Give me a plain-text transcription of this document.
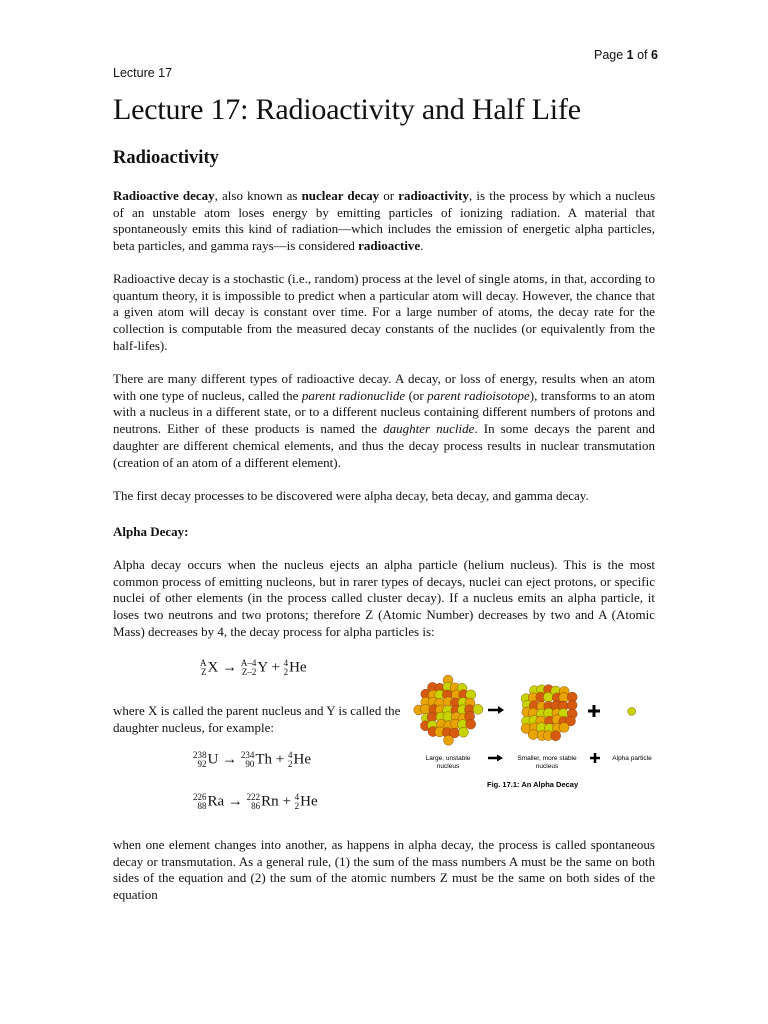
Page 1 of 6
Lecture 17
Lecture 17: Radioactivity and Half Life
Radioactivity

Radioactive decay, also known as nuclear decay or radioactivity, is the process by which a nucleus of an unstable atom loses energy by emitting particles of ionizing radiation. A material that spontaneously emits this kind of radiation—which includes the emission of energetic alpha particles, beta particles, and gamma rays—is considered radioactive.

Radioactive decay is a stochastic (i.e., random) process at the level of single atoms, in that, according to quantum theory, it is impossible to predict when a particular atom will decay. However, the chance that a given atom will decay is constant over time. For a large number of atoms, the decay rate for the collection is computable from the measured decay constants of the nuclides (or equivalently from the half-lifes).

There are many different types of radioactive decay. A decay, or loss of energy, results when an atom with one type of nucleus, called the parent radionuclide (or parent radioisotope), transforms to an atom with a nucleus in a different state, or to a different nucleus containing different numbers of protons and neutrons. Either of these products is named the daughter nuclide. In some decays the parent and daughter are different chemical elements, and thus the decay process results in nuclear transmutation (creation of an atom of a different element).

The first decay processes to be discovered were alpha decay, beta decay, and gamma decay.

Alpha Decay:

Alpha decay occurs when the nucleus ejects an alpha particle (helium nucleus). This is the most common process of emitting nucleons, but in rarer types of decays, nuclei can eject protons, or specific nuclei of other elements (in the process called cluster decay). If a nucleus emits an alpha particle, it loses two neutrons and two protons; therefore Z (Atomic Number) decreases by two and A (Atomic Mass) decreases by 4, the decay process for alpha particles is:

A
Z X → A–4
Z–2 Y + 4
2 He

where X is called the parent nucleus and Y is called the daughter nucleus, for example:

238
92 U → 234
90 Th + 4
2 He
226
88 Ra → 222
86 Rn + 4
2 He
Large, unstable
nucleus
Smaller, more stable
nucleus
Alpha particle
Fig. 17.1: An Alpha Decay

when one element changes into another, as happens in alpha decay, the process is called spontaneous decay or transmutation. As a general rule, (1) the sum of the mass numbers A must be the same on both sides of the equation and (2) the sum of the atomic numbers Z must be the same on both sides of the equation
